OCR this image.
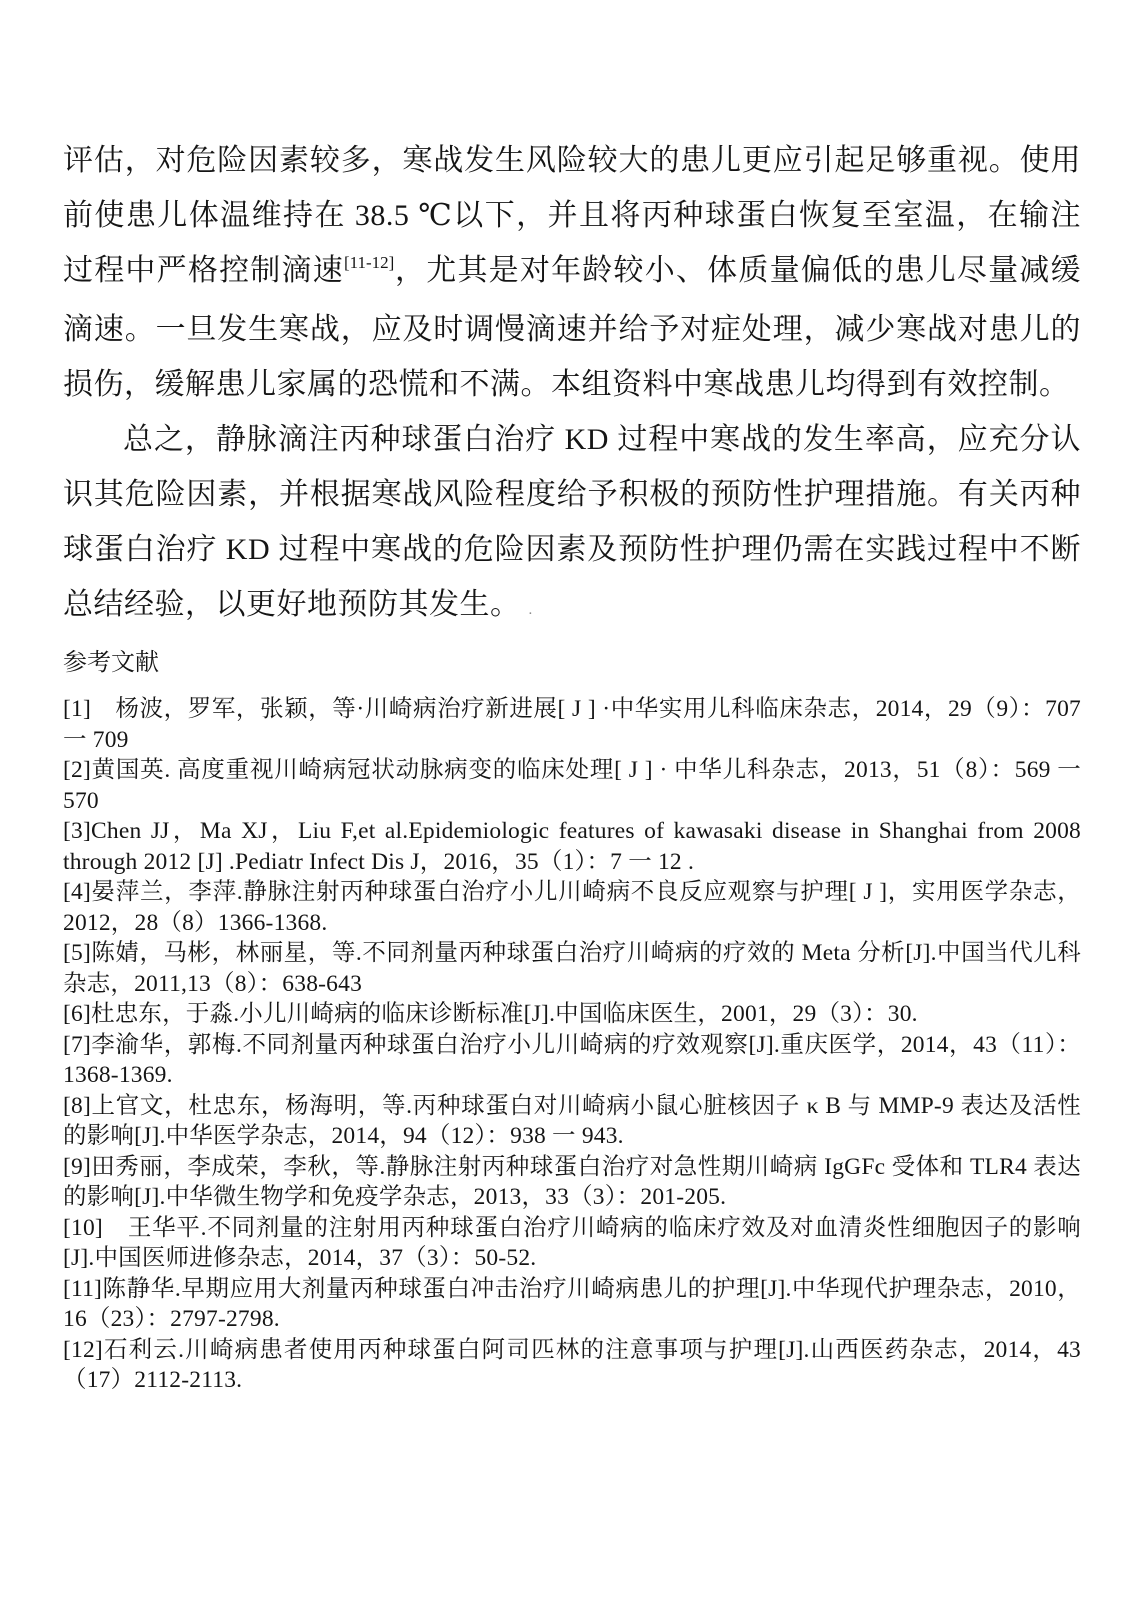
评估，对危险因素较多，寒战发生风险较大的患儿更应引起足够重视。使用前使患儿体温维持在 38.5 ℃以下，并且将丙种球蛋白恢复至室温，在输注过程中严格控制滴速[11-12]，尤其是对年龄较小、体质量偏低的患儿尽量减缓滴速。一旦发生寒战，应及时调慢滴速并给予对症处理，减少寒战对患儿的损伤，缓解患儿家属的恐慌和不满。本组资料中寒战患儿均得到有效控制。

总之，静脉滴注丙种球蛋白治疗 KD 过程中寒战的发生率高，应充分认识其危险因素，并根据寒战风险程度给予积极的预防性护理措施。有关丙种球蛋白治疗 KD 过程中寒战的危险因素及预防性护理仍需在实践过程中不断总结经验，以更好地预防其发生。 .

参考文献

[1]　杨波，罗军，张颖，等·川崎病治疗新进展[ J ] ·中华实用儿科临床杂志，2014，29（9）：707 一 709

[2]黄国英. 高度重视川崎病冠状动脉病变的临床处理[ J ] · 中华儿科杂志，2013，51（8）：569 一 570

[3]Chen JJ，Ma XJ，Liu F,et al.Epidemiologic features of kawasaki disease in Shanghai from 2008 through 2012 [J] .Pediatr Infect Dis J，2016，35（1）：7 一 12 .

[4]晏萍兰，李萍.静脉注射丙种球蛋白治疗小儿川崎病不良反应观察与护理[ J ]，实用医学杂志，2012，28（8）1366-1368.

[5]陈婧，马彬，林丽星，等.不同剂量丙种球蛋白治疗川崎病的疗效的 Meta 分析[J].中国当代儿科杂志，2011,13（8）：638-643

[6]杜忠东，于淼.小儿川崎病的临床诊断标准[J].中国临床医生，2001，29（3）：30.

[7]李渝华，郭梅.不同剂量丙种球蛋白治疗小儿川崎病的疗效观察[J].重庆医学，2014，43（11）：1368-1369.

[8]上官文，杜忠东，杨海明，等.丙种球蛋白对川崎病小鼠心脏核因子 κ B 与 MMP-9 表达及活性的影响[J].中华医学杂志，2014，94（12）：938 一 943.

[9]田秀丽，李成荣，李秋，等.静脉注射丙种球蛋白治疗对急性期川崎病 IgGFc 受体和 TLR4 表达的影响[J].中华微生物学和免疫学杂志，2013，33（3）：201-205.

[10]　王华平.不同剂量的注射用丙种球蛋白治疗川崎病的临床疗效及对血清炎性细胞因子的影响[J].中国医师进修杂志，2014，37（3）：50-52.

[11]陈静华.早期应用大剂量丙种球蛋白冲击治疗川崎病患儿的护理[J].中华现代护理杂志，2010，16（23）：2797-2798.

[12]石利云.川崎病患者使用丙种球蛋白阿司匹林的注意事项与护理[J].山西医药杂志，2014，43（17）2112-2113.
